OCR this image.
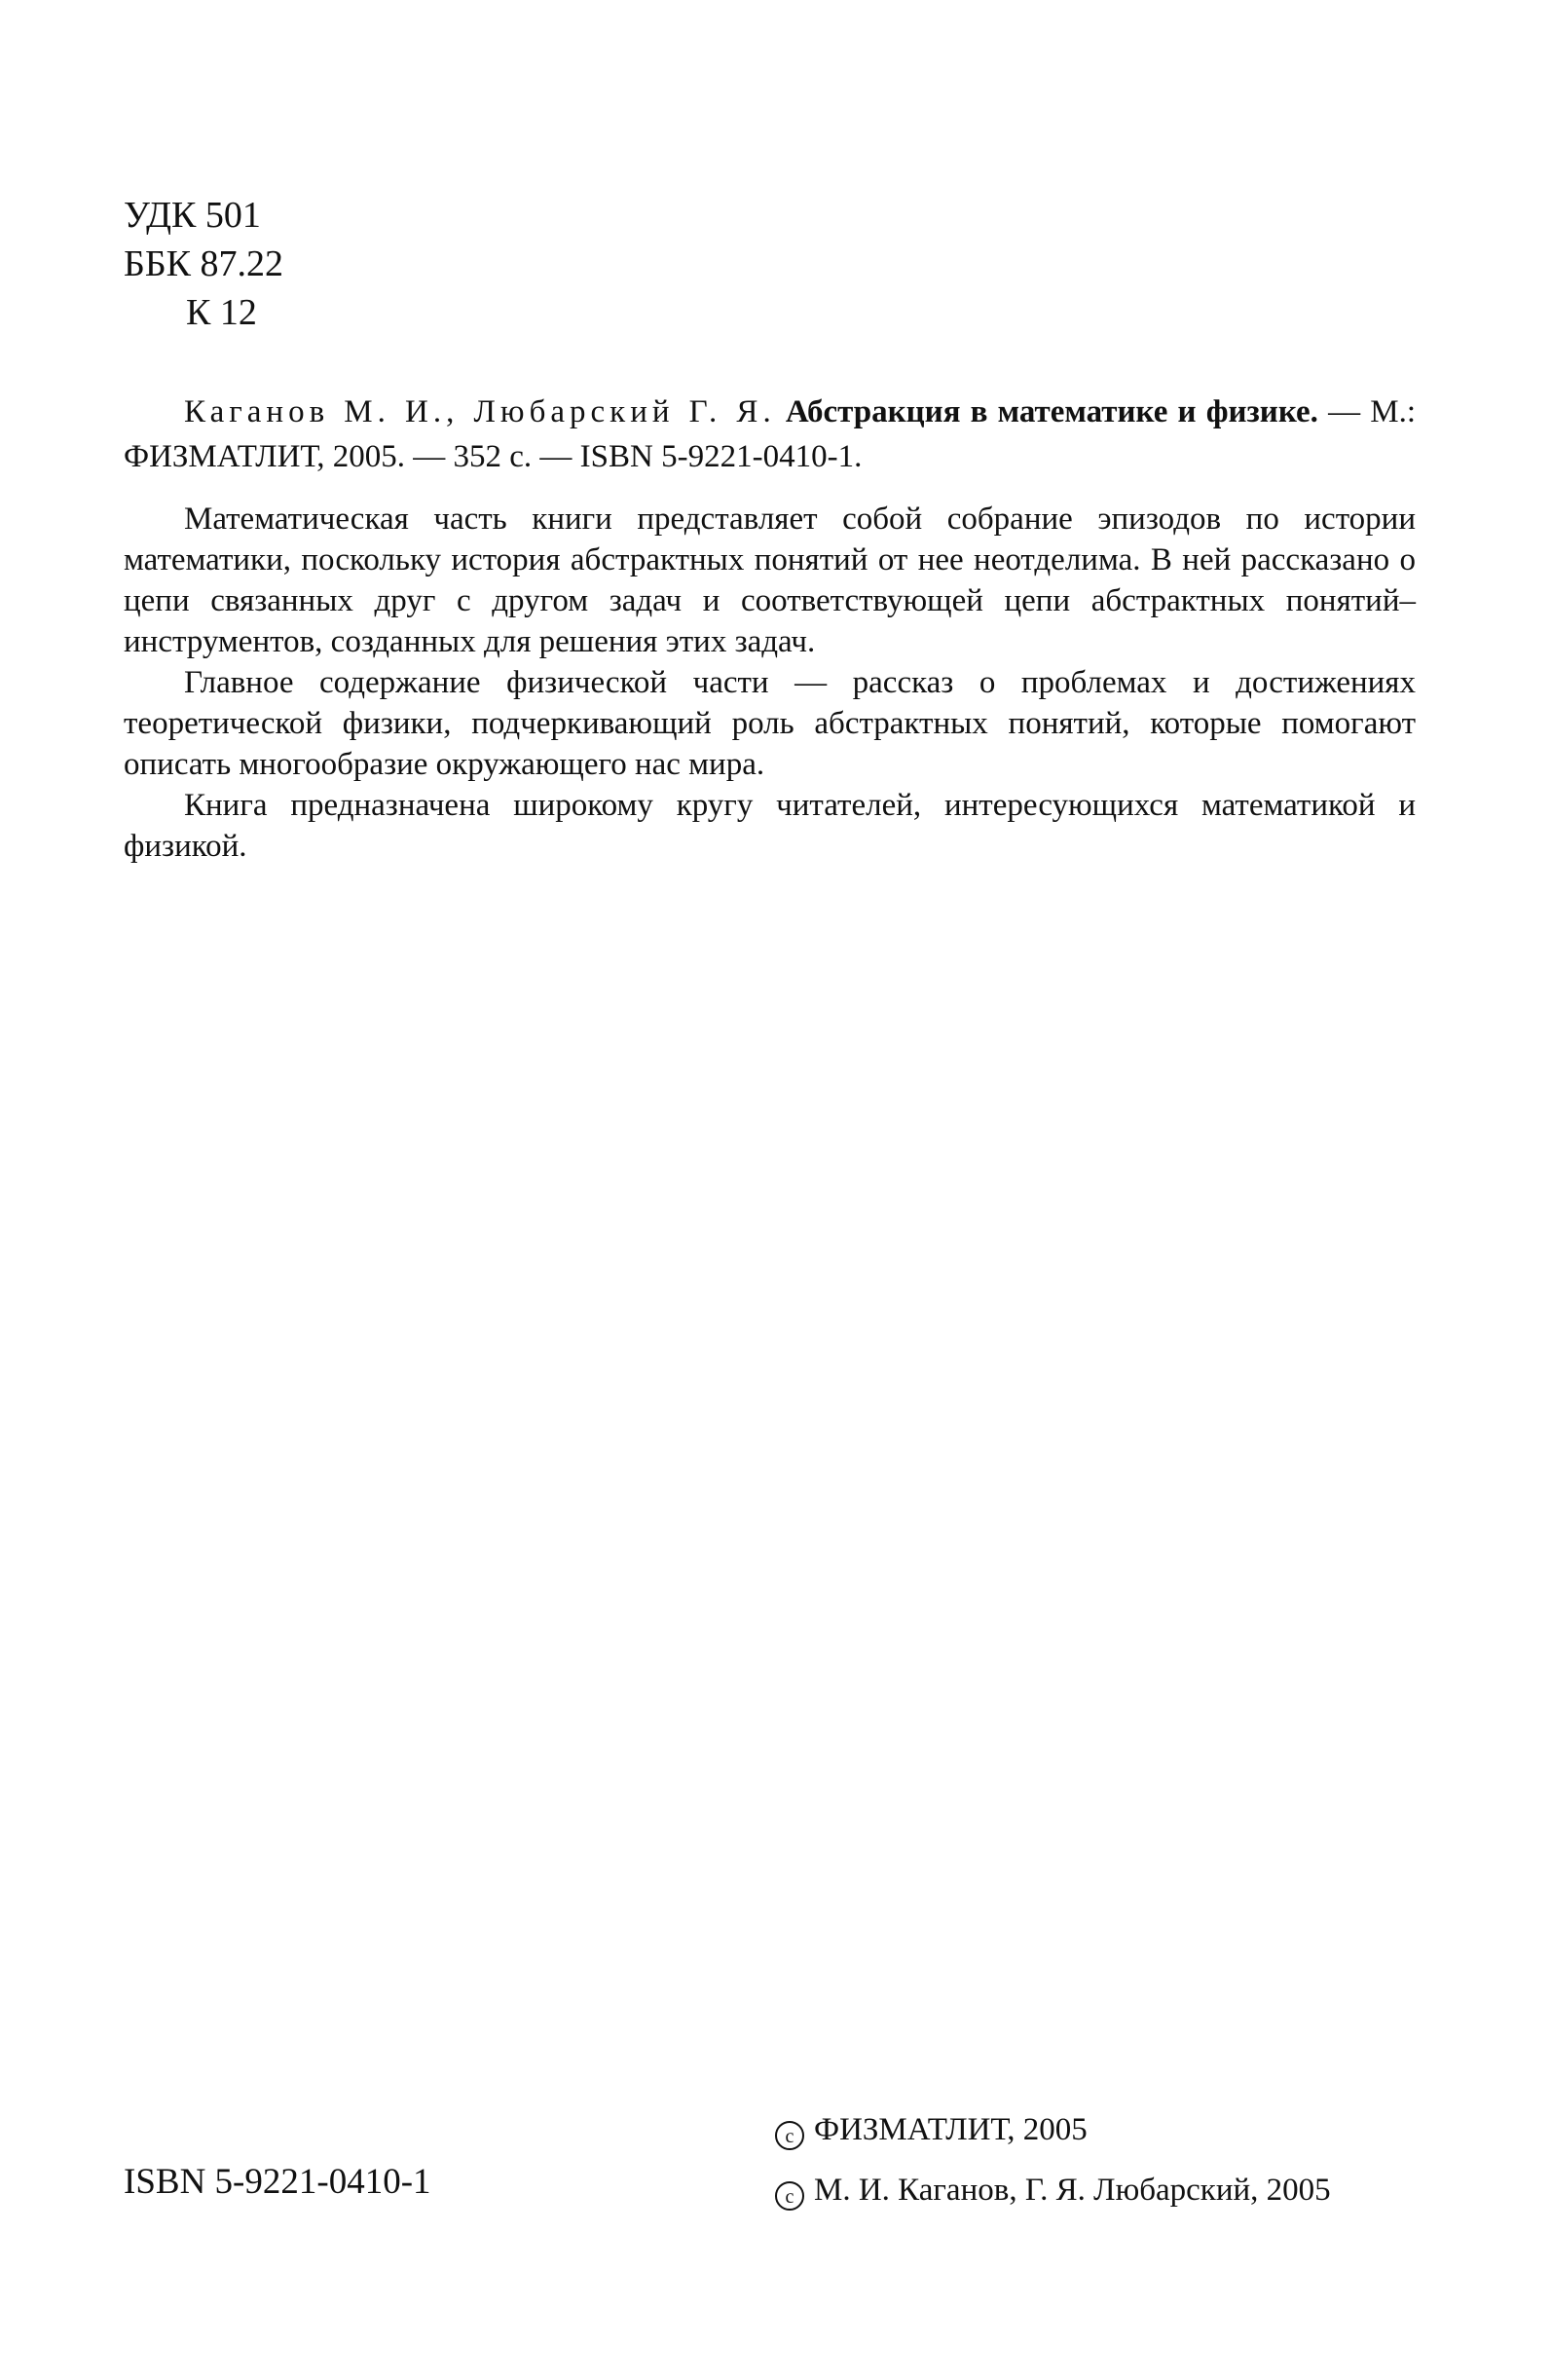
УДК 501
ББК 87.22
К 12
Каганов М. И., Любарский Г. Я. Абстракция в математике и физике. — М.: ФИЗМАТЛИТ, 2005. — 352 с. — ISBN 5-9221-0410-1.

Математическая часть книги представляет собой собрание эпизодов по истории математики, поскольку история абстрактных понятий от нее неотделима. В ней рассказано о цепи связанных друг с другом задач и соответствующей цепи абстрактных понятий–инструментов, созданных для решения этих задач.

Главное содержание физической части — рассказ о проблемах и достижениях теоретической физики, подчеркивающий роль абстрактных понятий, которые помогают описать многообразие окружающего нас мира.

Книга предназначена широкому кругу читателей, интересующихся математикой и физикой.

ISBN 5-9221-0410-1
c ФИЗМАТЛИТ, 2005
c М. И. Каганов, Г. Я. Любарский, 2005
